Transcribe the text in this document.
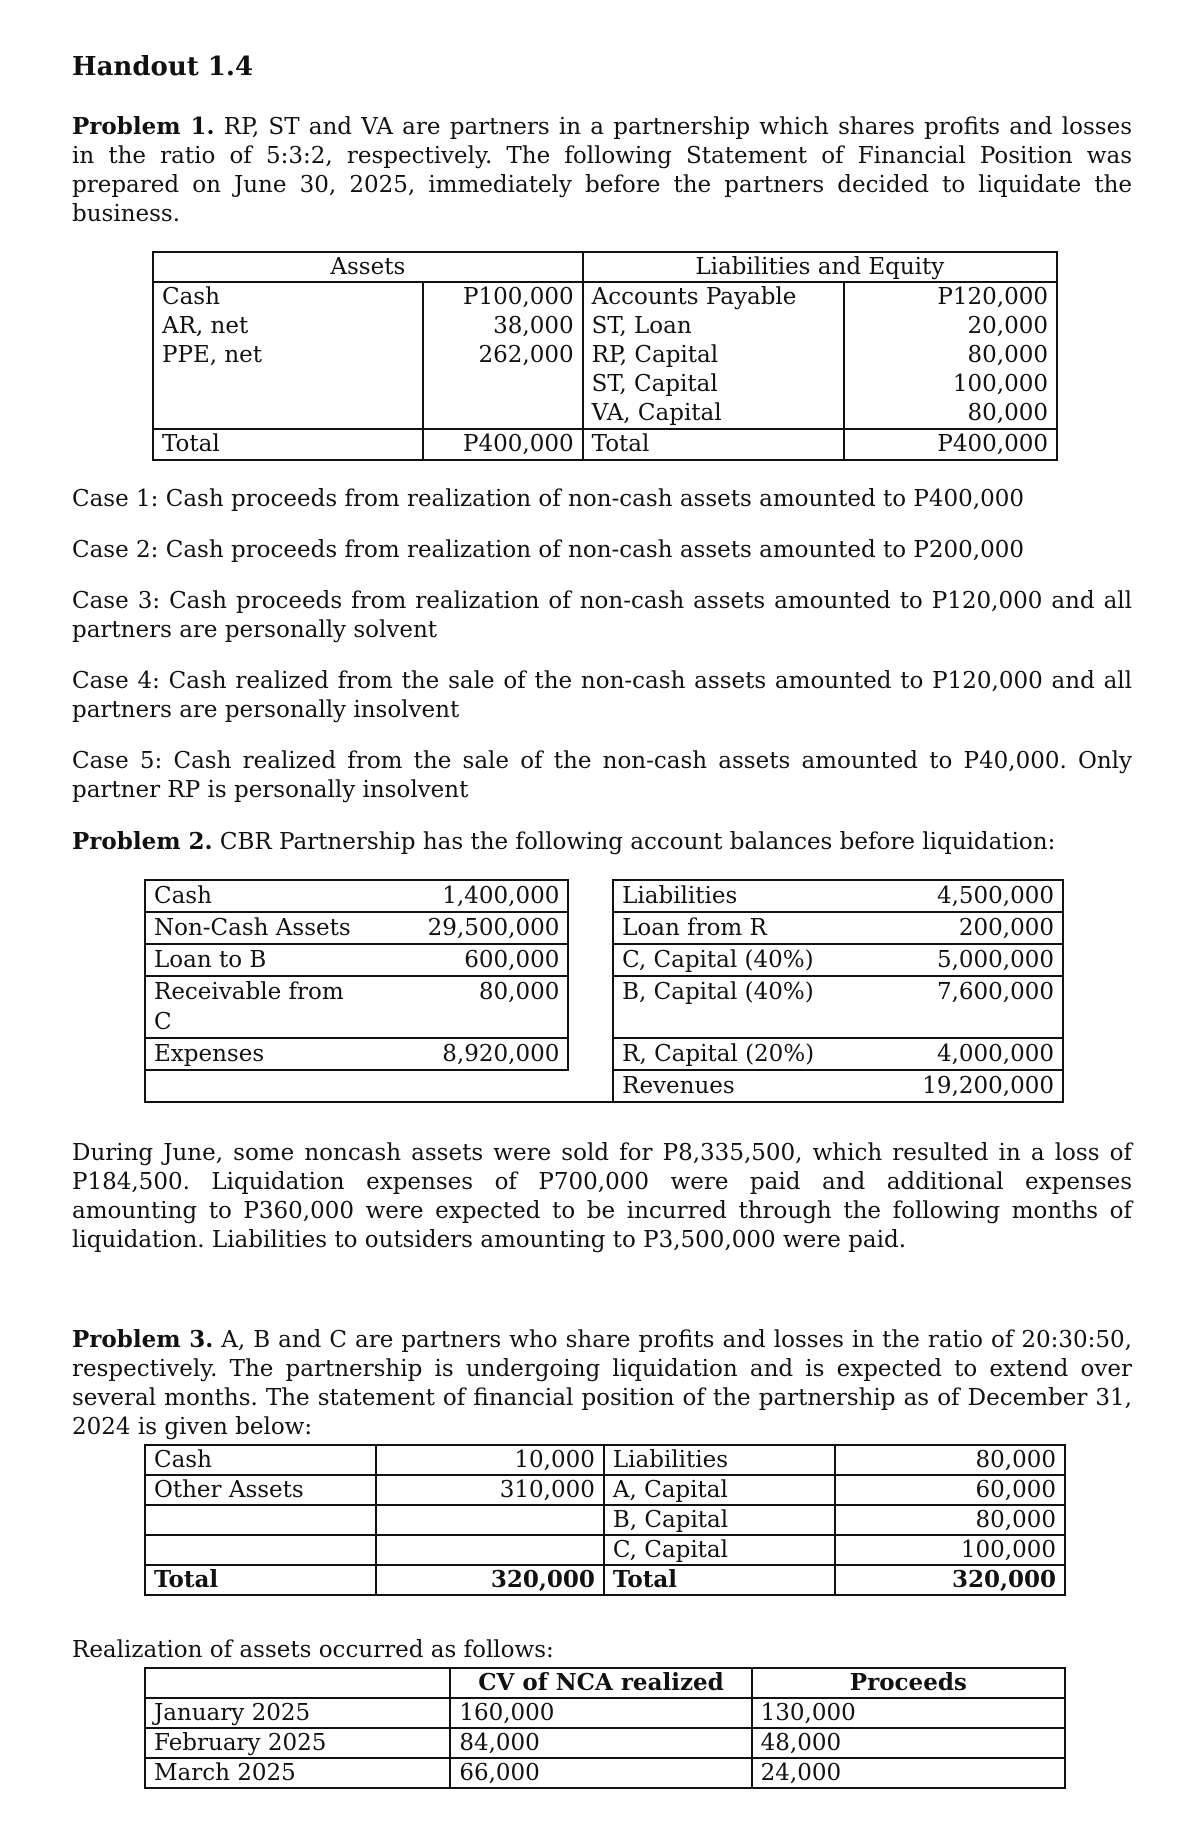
Handout 1.4

Problem 1. RP, ST and VA are partners in a partnership which shares profits and losses in the ratio of 5:3:2, respectively. The following Statement of Financial Position was prepared on June 30, 2025, immediately before the partners decided to liquidate the business.

Assets		Liabilities and Equity	
Cash	P100,000	Accounts Payable	P120,000
AR, net	38,000	ST, Loan	20,000
PPE, net	262,000	RP, Capital	80,000
		ST, Capital	100,000
		VA, Capital	80,000
Total	P400,000	Total	P400,000

Case 1: Cash proceeds from realization of non-cash assets amounted to P400,000

Case 2: Cash proceeds from realization of non-cash assets amounted to P200,000

Case 3: Cash proceeds from realization of non-cash assets amounted to P120,000 and all partners are personally solvent

Case 4: Cash realized from the sale of the non-cash assets amounted to P120,000 and all partners are personally insolvent

Case 5: Cash realized from the sale of the non-cash assets amounted to P40,000. Only partner RP is personally insolvent

Problem 2. CBR Partnership has the following account balances before liquidation:

Cash	1,400,000		Liabilities	4,500,000
Non-Cash Assets	29,500,000		Loan from R	200,000
Loan to B	600,000		C, Capital (40%)	5,000,000
Receivable from C	80,000		B, Capital (40%)	7,600,000
Expenses	8,920,000		R, Capital (20%)	4,000,000
			Revenues	19,200,000

During June, some noncash assets were sold for P8,335,500, which resulted in a loss of P184,500. Liquidation expenses of P700,000 were paid and additional expenses amounting to P360,000 were expected to be incurred through the following months of liquidation. Liabilities to outsiders amounting to P3,500,000 were paid.

Problem 3. A, B and C are partners who share profits and losses in the ratio of 20:30:50, respectively. The partnership is undergoing liquidation and is expected to extend over several months. The statement of financial position of the partnership as of December 31, 2024 is given below:

Cash	10,000	Liabilities	80,000
Other Assets	310,000	A, Capital	60,000
		B, Capital	80,000
		C, Capital	100,000
Total	320,000	Total	320,000
Realization of assets occurred as follows:
	CV of NCA realized	Proceeds
January 2025	160,000	130,000
February 2025	84,000	48,000
March 2025	66,000	24,000
